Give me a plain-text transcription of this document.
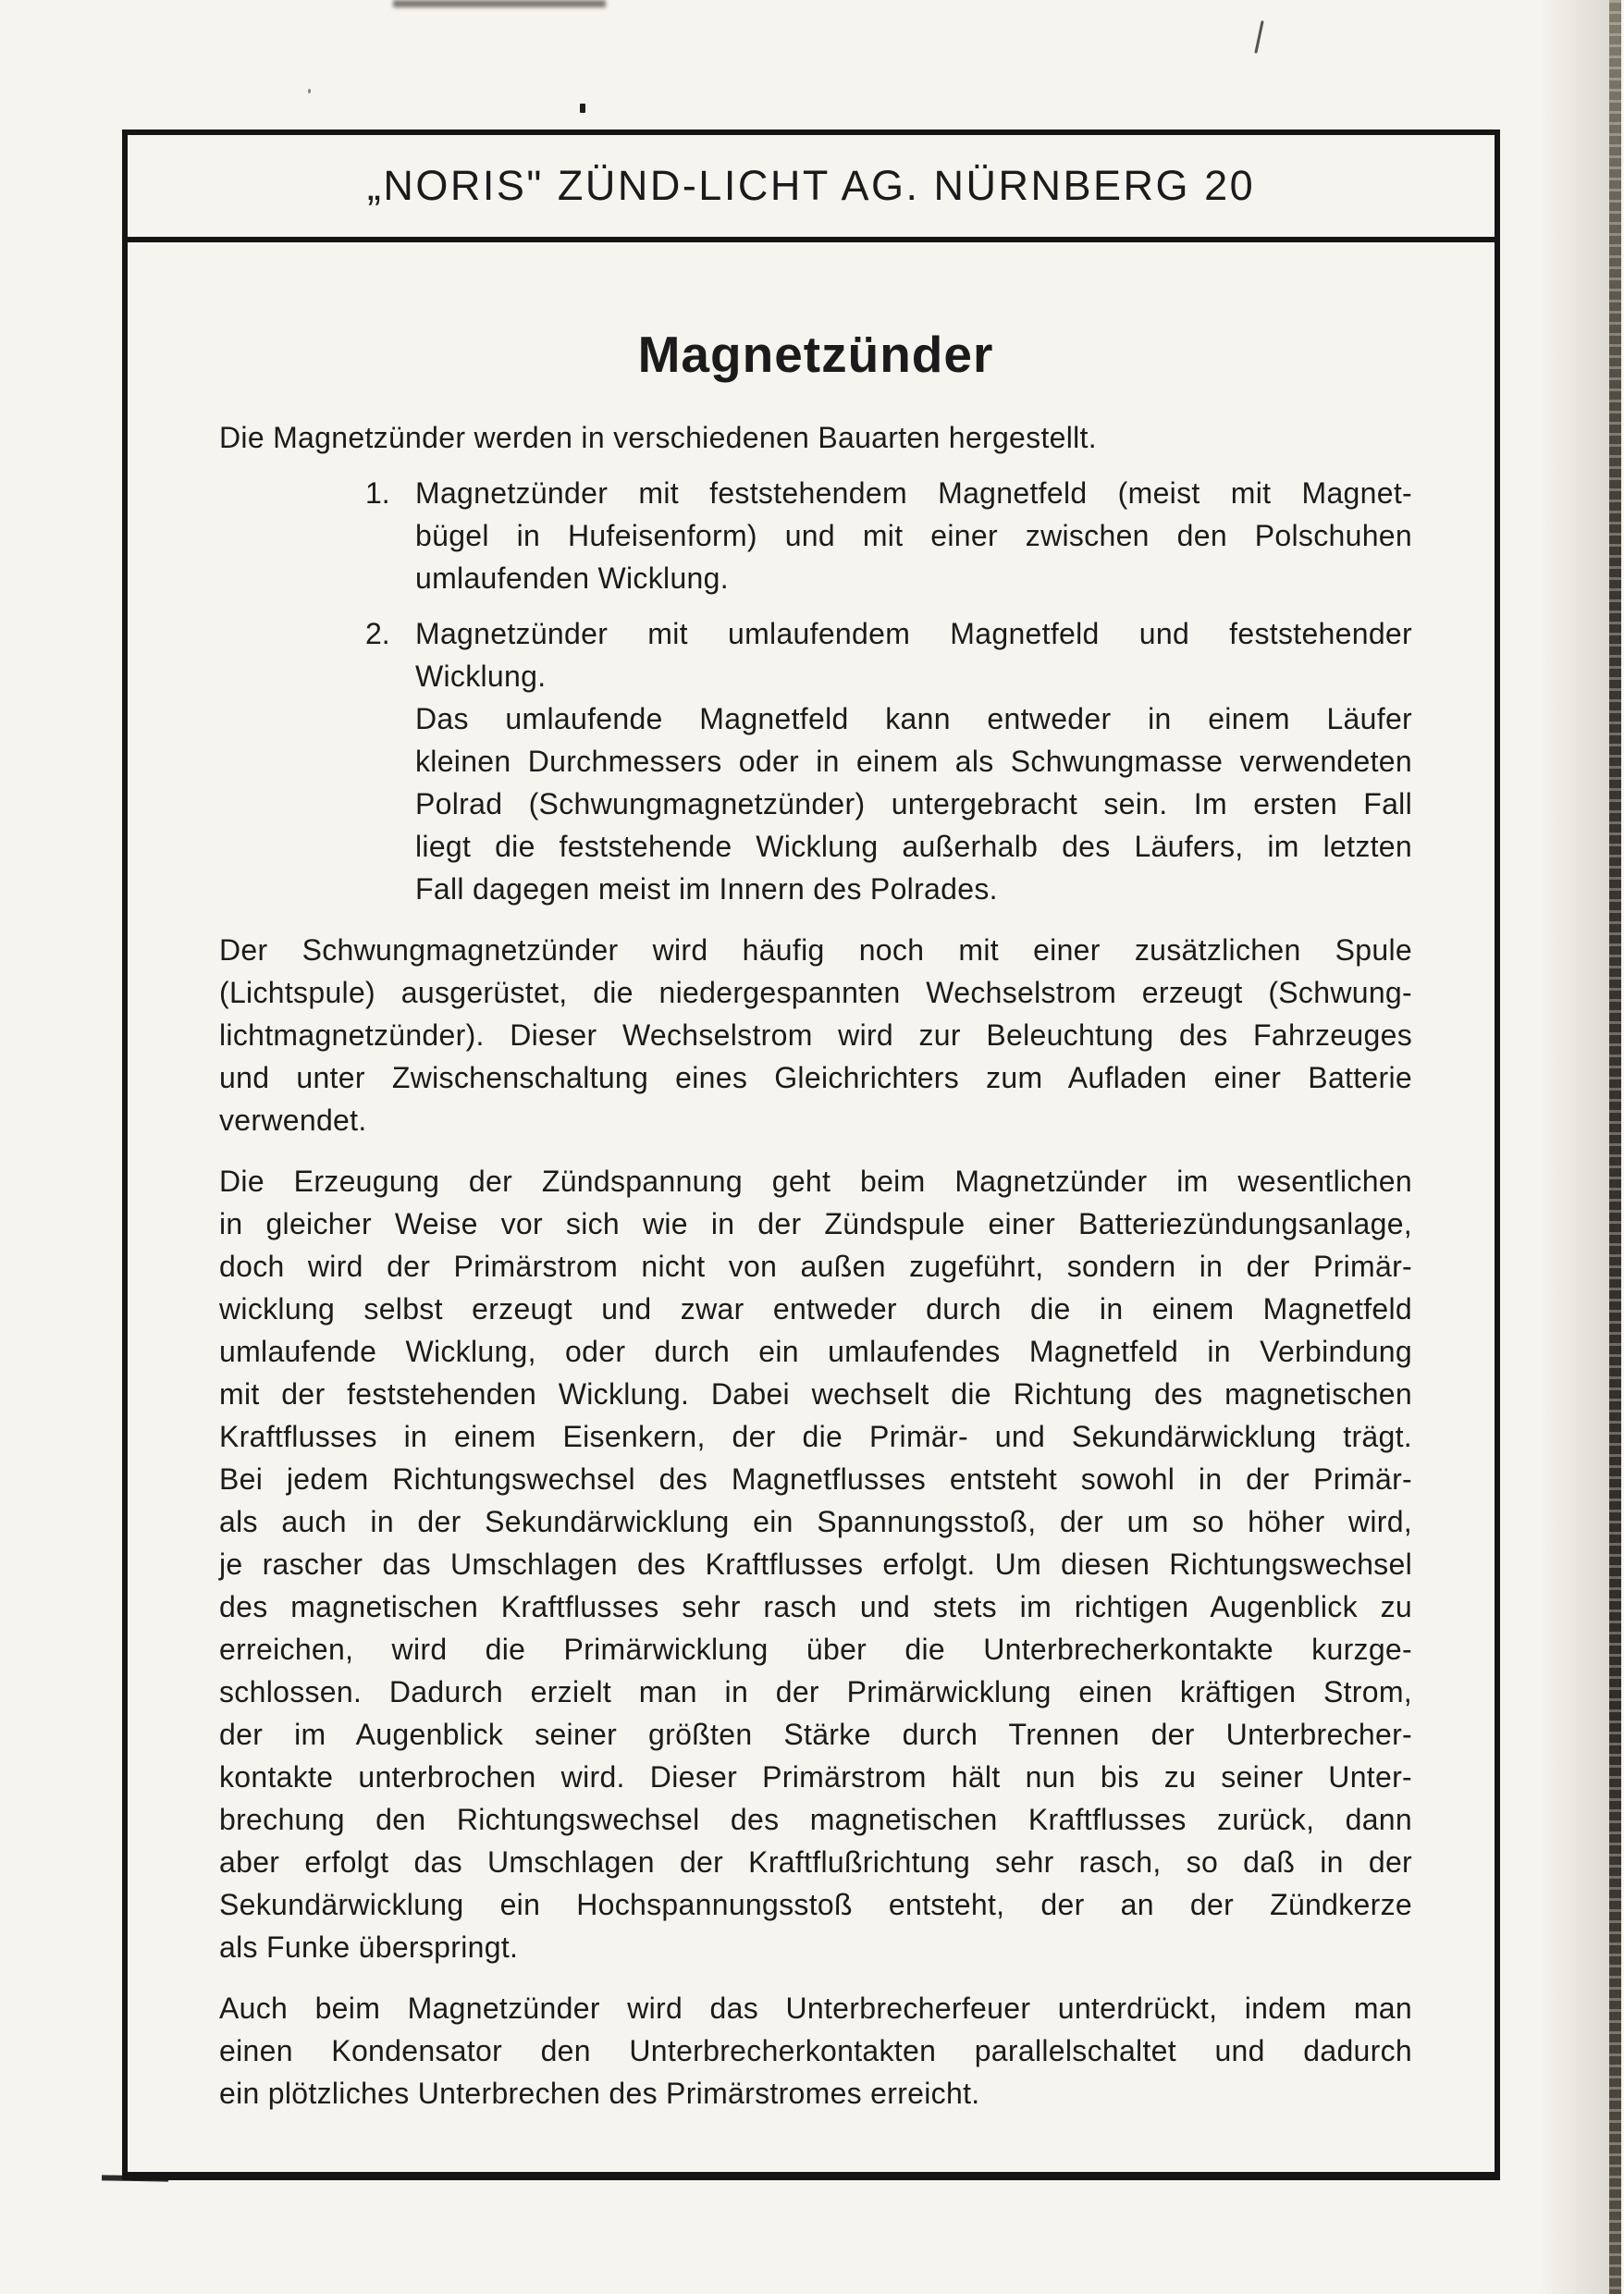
„NORIS" ZÜND-LICHT AG. NÜRNBERG 20
Magnetzünder
Die Magnetzünder werden in verschiedenen Bauarten hergestellt.
1. Magnetzünder mit feststehendem Magnetfeld (meist mit Magnet-
bügel in Hufeisenform) und mit einer zwischen den Polschuhen
umlaufenden Wicklung.
2. Magnetzünder mit umlaufendem Magnetfeld und feststehender
Wicklung.
Das umlaufende Magnetfeld kann entweder in einem Läufer
kleinen Durchmessers oder in einem als Schwungmasse verwendeten
Polrad (Schwungmagnetzünder) untergebracht sein. Im ersten Fall
liegt die feststehende Wicklung außerhalb des Läufers, im letzten
Fall dagegen meist im Innern des Polrades.
Der Schwungmagnetzünder wird häufig noch mit einer zusätzlichen Spule
(Lichtspule) ausgerüstet, die niedergespannten Wechselstrom erzeugt (Schwung-
lichtmagnetzünder). Dieser Wechselstrom wird zur Beleuchtung des Fahrzeuges
und unter Zwischenschaltung eines Gleichrichters zum Aufladen einer Batterie
verwendet.
Die Erzeugung der Zündspannung geht beim Magnetzünder im wesentlichen
in gleicher Weise vor sich wie in der Zündspule einer Batteriezündungsanlage,
doch wird der Primärstrom nicht von außen zugeführt, sondern in der Primär-
wicklung selbst erzeugt und zwar entweder durch die in einem Magnetfeld
umlaufende Wicklung, oder durch ein umlaufendes Magnetfeld in Verbindung
mit der feststehenden Wicklung. Dabei wechselt die Richtung des magnetischen
Kraftflusses in einem Eisenkern, der die Primär- und Sekundärwicklung trägt.
Bei jedem Richtungswechsel des Magnetflusses entsteht sowohl in der Primär-
als auch in der Sekundärwicklung ein Spannungsstoß, der um so höher wird,
je rascher das Umschlagen des Kraftflusses erfolgt. Um diesen Richtungswechsel
des magnetischen Kraftflusses sehr rasch und stets im richtigen Augenblick zu
erreichen, wird die Primärwicklung über die Unterbrecherkontakte kurzge-
schlossen. Dadurch erzielt man in der Primärwicklung einen kräftigen Strom,
der im Augenblick seiner größten Stärke durch Trennen der Unterbrecher-
kontakte unterbrochen wird. Dieser Primärstrom hält nun bis zu seiner Unter-
brechung den Richtungswechsel des magnetischen Kraftflusses zurück, dann
aber erfolgt das Umschlagen der Kraftflußrichtung sehr rasch, so daß in der
Sekundärwicklung ein Hochspannungsstoß entsteht, der an der Zündkerze
als Funke überspringt.
Auch beim Magnetzünder wird das Unterbrecherfeuer unterdrückt, indem man
einen Kondensator den Unterbrecherkontakten parallelschaltet und dadurch
ein plötzliches Unterbrechen des Primärstromes erreicht.
